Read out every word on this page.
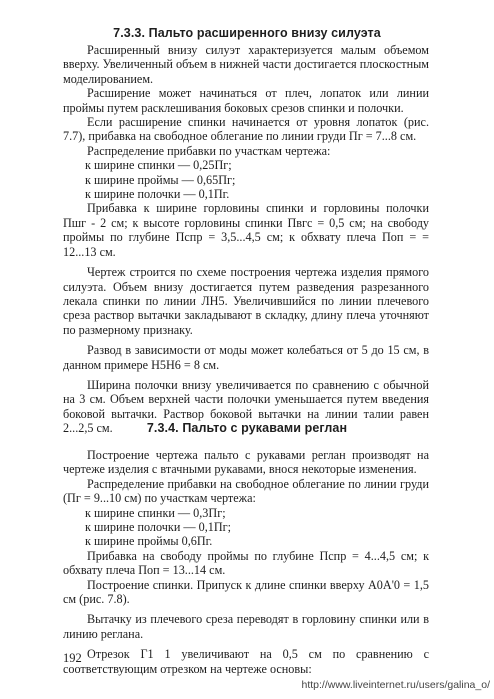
7.3.3. Пальто расширенного внизу силуэта

Расширенный внизу силуэт характеризуется малым объемом вверху. Увеличенный объем в нижней части достигается плоскостным моделированием.

Расширение может начинаться от плеч, лопаток или линии проймы путем расклешивания боковых срезов спинки и полочки.

Если расширение спинки начинается от уровня лопаток (рис. 7.7), прибавка на свободное облегание по линии груди Пг = 7...8 см.

Распределение прибавки по участкам чертежа:

к ширине спинки — 0,25Пг;

к ширине проймы — 0,65Пг;

к ширине полочки — 0,1Пг.

Прибавка к ширине горловины спинки и горловины полочки Пшг - 2 см; к высоте горловины спинки Пвгс = 0,5 см; на свободу проймы по глубине Пспр = 3,5...4,5 см; к обхвату плеча Поп = = 12...13 см.

Чертеж строится по схеме построения чертежа изделия прямого силуэта. Объем внизу достигается путем разведения разрезанного лекала спинки по линии ЛН5. Увеличившийся по линии плечевого среза раствор вытачки закладывают в складку, длину плеча уточняют по размерному признаку.

Развод в зависимости от моды может колебаться от 5 до 15 см, в данном примере Н5Н6 = 8 см.

Ширина полочки внизу увеличивается по сравнению с обычной на 3 см. Объем верхней части полочки уменьшается путем введения боковой вытачки. Раствор боковой вытачки на линии талии равен 2...2,5 см.	7.3.4. Пальто с рукавами реглан

Построение чертежа пальто с рукавами реглан производят на чертеже изделия с втачными рукавами, внося некоторые изменения.

Распределение прибавки на свободное облегание по линии груди (Пг = 9...10 см) по участкам чертежа:

к ширине спинки — 0,3Пг;

к ширине полочки — 0,1Пг;

к ширине проймы 0,6Пг.

Прибавка на свободу проймы по глубине Пспр = 4...4,5 см; к обхвату плеча Поп = 13...14 см.

Построение спинки. Припуск к длине спинки вверху А0А'0 = 1,5 см (рис. 7.8).

Вытачку из плечевого среза переводят в горловину спинки или в линию реглана.

Отрезок Г1 1 увеличивают на 0,5 см по сравнению с соответствующим отрезком на чертеже основы:

192
http://www.liveinternet.ru/users/galina_o/
